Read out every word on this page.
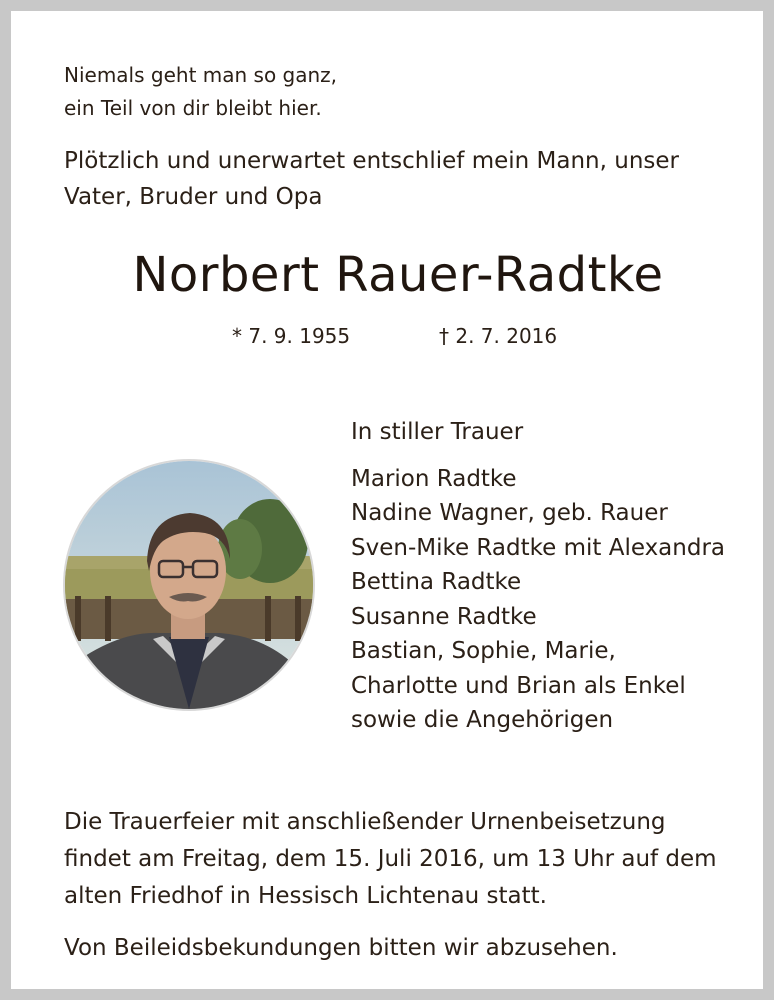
Niemals geht man so ganz,
ein Teil von dir bleibt hier.
Plötzlich und unerwartet entschlief mein Mann, unser
Vater, Bruder und Opa
Norbert Rauer-Radtke
* 7. 9. 1955	† 2. 7. 2016
In stiller Trauer
Marion Radtke
Nadine Wagner, geb. Rauer
Sven-Mike Radtke mit Alexandra
Bettina Radtke
Susanne Radtke
Bastian, Sophie, Marie,
Charlotte und Brian als Enkel
sowie die Angehörigen
Die Trauerfeier mit anschließender Urnenbeisetzung
findet am Freitag, dem 15. Juli 2016, um 13 Uhr auf dem
alten Friedhof in Hessisch Lichtenau statt.
Von Beileidsbekundungen bitten wir abzusehen.
